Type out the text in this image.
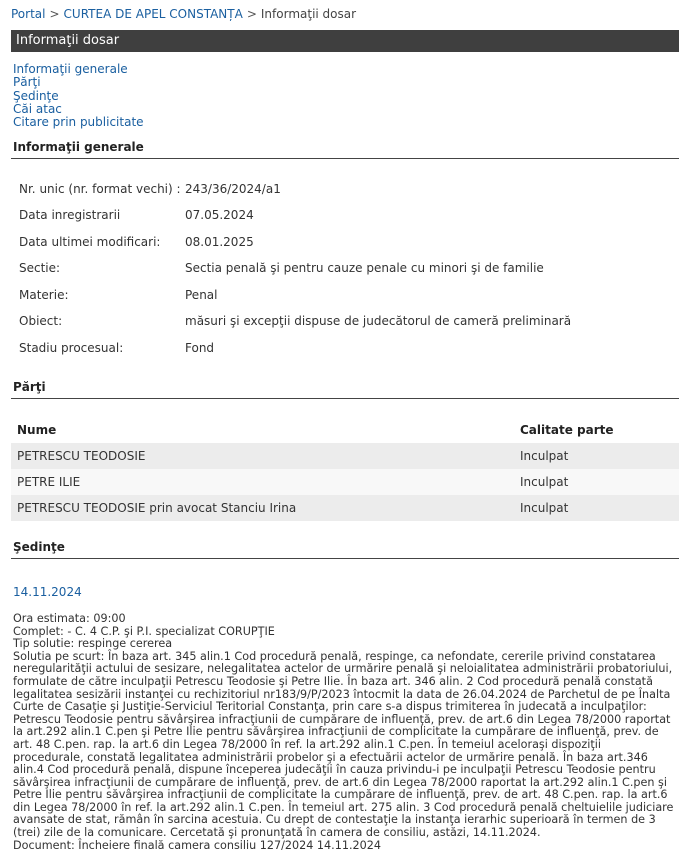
Portal > CURTEA DE APEL CONSTANȚA > Informaţii dosar
Informaţii dosar
Informaţii generale
Părţi
Şedinţe
Căi atac
Citare prin publicitate
Informaţii generale
Nr. unic (nr. format vechi) :	243/36/2024/a1
Data inregistrarii	07.05.2024
Data ultimei modificari:	08.01.2025
Sectie:	Sectia penală şi pentru cauze penale cu minori şi de familie
Materie:	Penal
Obiect:	măsuri şi excepţii dispuse de judecătorul de cameră preliminară
Stadiu procesual:	Fond
Părţi
Nume	Calitate parte
PETRESCU TEODOSIE	Inculpat
PETRE ILIE	Inculpat
PETRESCU TEODOSIE prin avocat Stanciu Irina	Inculpat
Şedinţe
14.11.2024
Ora estimata: 09:00
Complet: - C. 4 C.P. şi P.I. specializat CORUPŢIE
Tip solutie: respinge cererea
Solutia pe scurt: În baza art. 345 alin.1 Cod procedură penală, respinge, ca nefondate, cererile privind constatarea neregularităţii actului de sesizare, nelegalitatea actelor de urmărire penală şi neloialitatea administrării probatoriului, formulate de către inculpaţii Petrescu Teodosie şi Petre Ilie. În baza art. 346 alin. 2 Cod procedură penală constată legalitatea sesizării instanţei cu rechizitoriul nr183/9/P/2023 întocmit la data de 26.04.2024 de Parchetul de pe Înalta Curte de Casaţie şi Justiţie-Serviciul Teritorial Constanţa, prin care s-a dispus trimiterea în judecată a inculpaţilor: Petrescu Teodosie pentru săvârşirea infracţiunii de cumpărare de influenţă, prev. de art.6 din Legea 78/2000 raportat la art.292 alin.1 C.pen şi Petre Ilie pentru săvârşirea infracţiunii de complicitate la cumpărare de influenţă, prev. de art. 48 C.pen. rap. la art.6 din Legea 78/2000 în ref. la art.292 alin.1 C.pen. În temeiul aceloraşi dispoziţii procedurale, constată legalitatea administrării probelor şi a efectuării actelor de urmărire penală. În baza art.346 alin.4 Cod procedură penală, dispune începerea judecăţii în cauza privindu-i pe inculpaţii Petrescu Teodosie pentru săvârşirea infracţiunii de cumpărare de influenţă, prev. de art.6 din Legea 78/2000 raportat la art.292 alin.1 C.pen şi Petre Ilie pentru săvârşirea infracţiunii de complicitate la cumpărare de influenţă, prev. de art. 48 C.pen. rap. la art.6 din Legea 78/2000 în ref. la art.292 alin.1 C.pen. În temeiul art. 275 alin. 3 Cod procedură penală cheltuielile judiciare avansate de stat, rămân în sarcina acestuia. Cu drept de contestaţie la instanţa ierarhic superioară în termen de 3 (trei) zile de la comunicare. Cercetată şi pronunţată în camera de consiliu, astăzi, 14.11.2024.
Document: Încheiere finală camera consiliu 127/2024 14.11.2024
